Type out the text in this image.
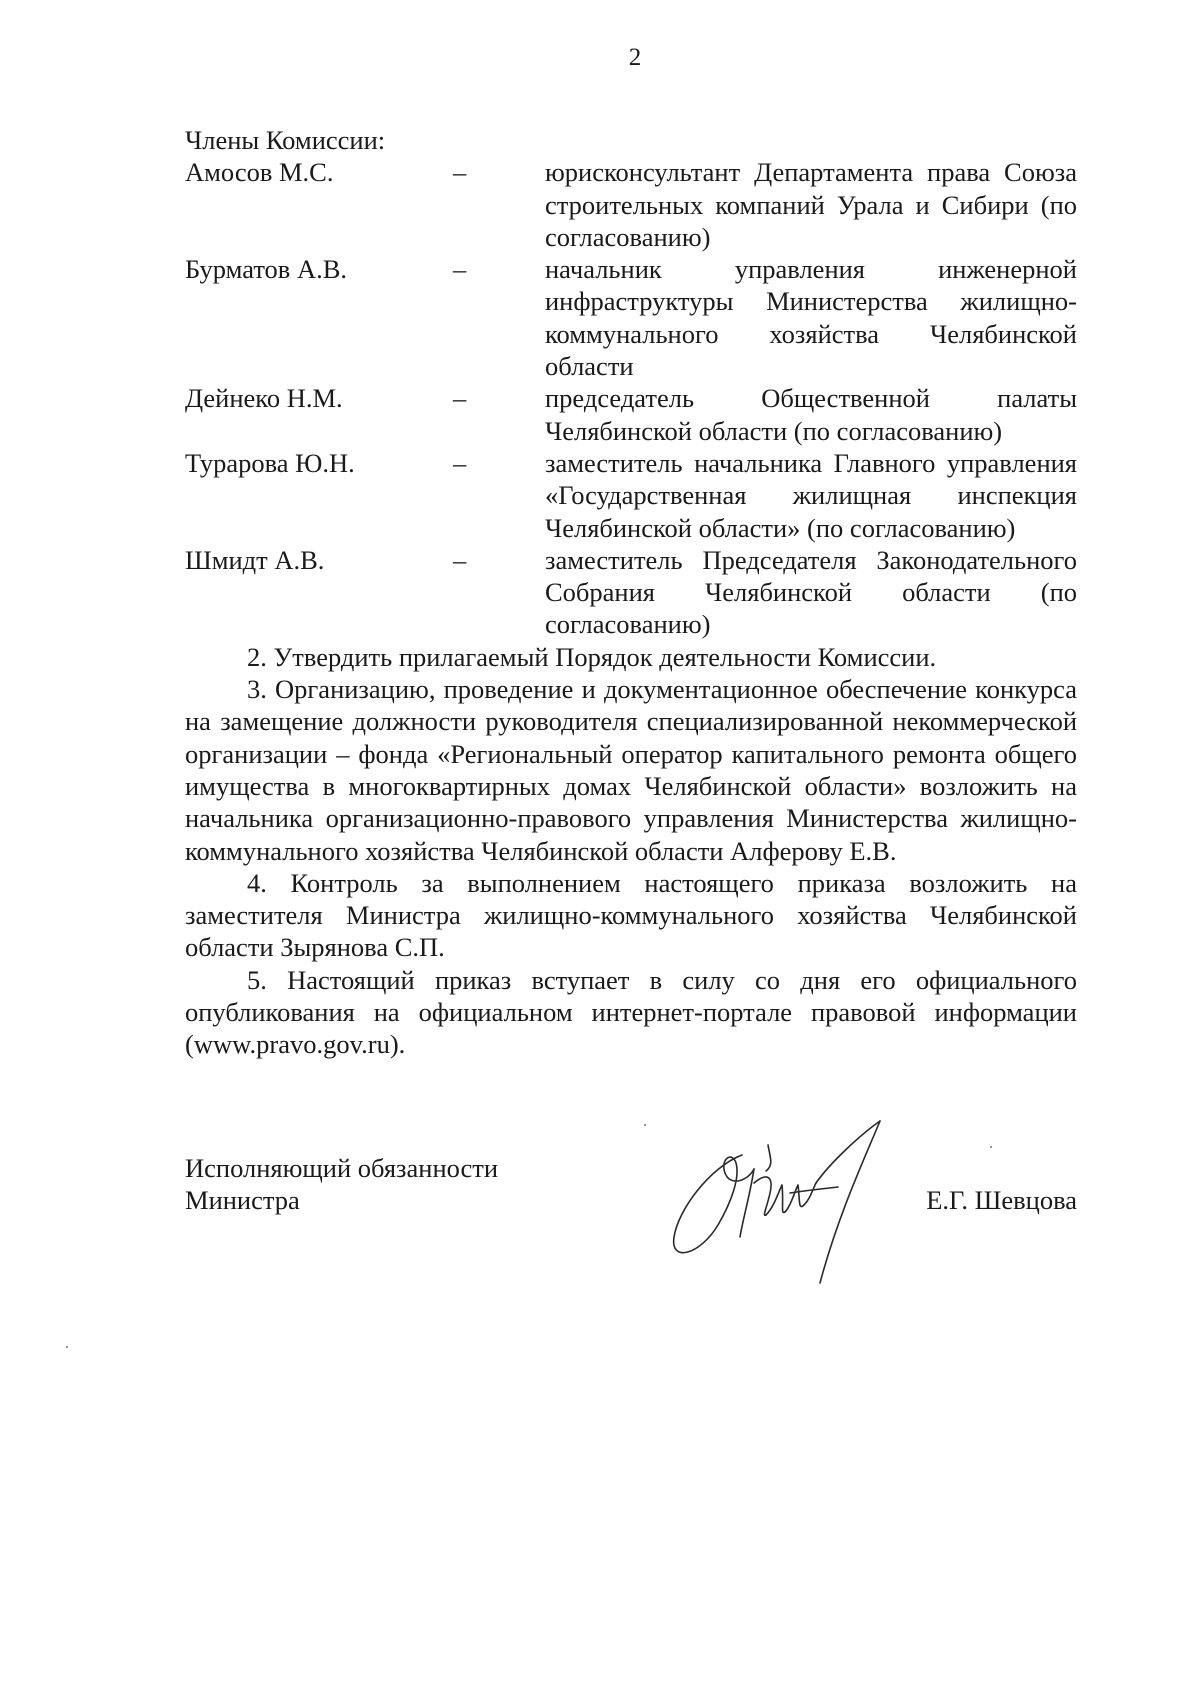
2

Члены Комиссии:

Амосов М.С.	–	юрисконсультант Департамента права Союза строительных компаний Урала и Сибири (по согласованию)
Бурматов А.В.	–	начальник управления инженерной инфраструктуры Министерства жилищно-коммунального хозяйства Челябинской области
Дейнеко Н.М.	–	председатель Общественной палаты Челябинской области (по согласованию)
Турарова Ю.Н.	–	заместитель начальника Главного управления «Государственная жилищная инспекция Челябинской области» (по согласованию)
Шмидт А.В.	–	заместитель Председателя Законодательного Собрания Челябинской области (по согласованию)

2. Утвердить прилагаемый Порядок деятельности Комиссии.

3. Организацию, проведение и документационное обеспечение конкурса на замещение должности руководителя специализированной некоммерческой организации – фонда «Региональный оператор капитального ремонта общего имущества в многоквартирных домах Челябинской области» возложить на начальника организационно-правового управления Министерства жилищно-коммунального хозяйства Челябинской области Алферову Е.В.

4. Контроль за выполнением настоящего приказа возложить на заместителя Министра жилищно-коммунального хозяйства Челябинской области Зырянова С.П.

5. Настоящий приказ вступает в силу со дня его официального опубликования на официальном интернет-портале правовой информации (www.pravo.gov.ru).

Исполняющий обязанности
Министра	Е.Г. Шевцова
